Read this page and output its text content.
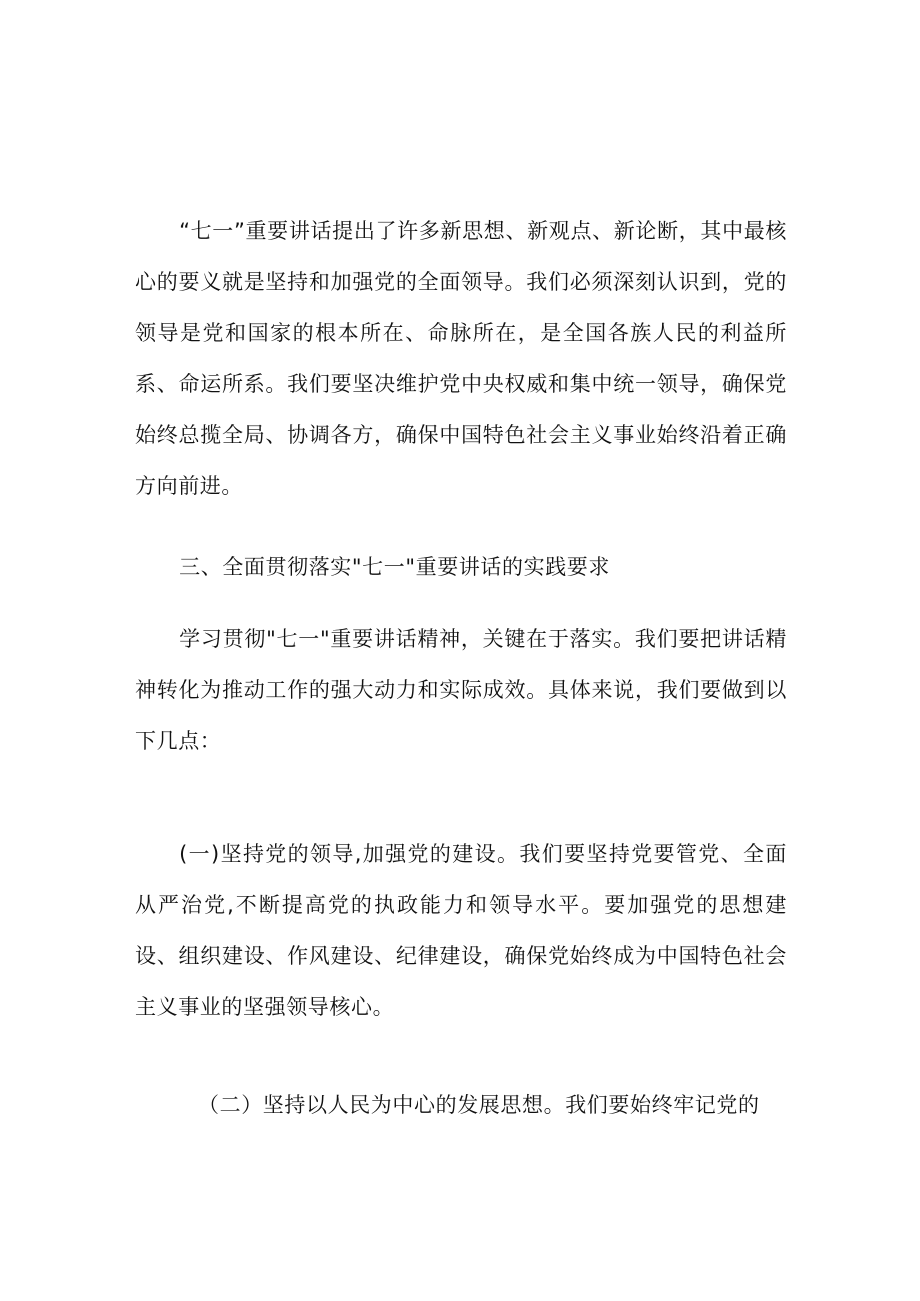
“七一”重要讲话提出了许多新思想、新观点、新论断，其中最核心的要义就是坚持和加强党的全面领导。我们必须深刻认识到，党的领导是党和国家的根本所在、命脉所在，是全国各族人民的利益所系、命运所系。我们要坚决维护党中央权威和集中统一领导，确保党始终总揽全局、协调各方，确保中国特色社会主义事业始终沿着正确方向前进。

三、全面贯彻落实"七一"重要讲话的实践要求

学习贯彻"七一"重要讲话精神，关键在于落实。我们要把讲话精神转化为推动工作的强大动力和实际成效。具体来说，我们要做到以下几点：

(一)坚持党的领导,加强党的建设。我们要坚持党要管党、全面从严治党,不断提高党的执政能力和领导水平。要加强党的思想建设、组织建设、作风建设、纪律建设，确保党始终成为中国特色社会主义事业的坚强领导核心。

（二）坚持以人民为中心的发展思想。我们要始终牢记党的
